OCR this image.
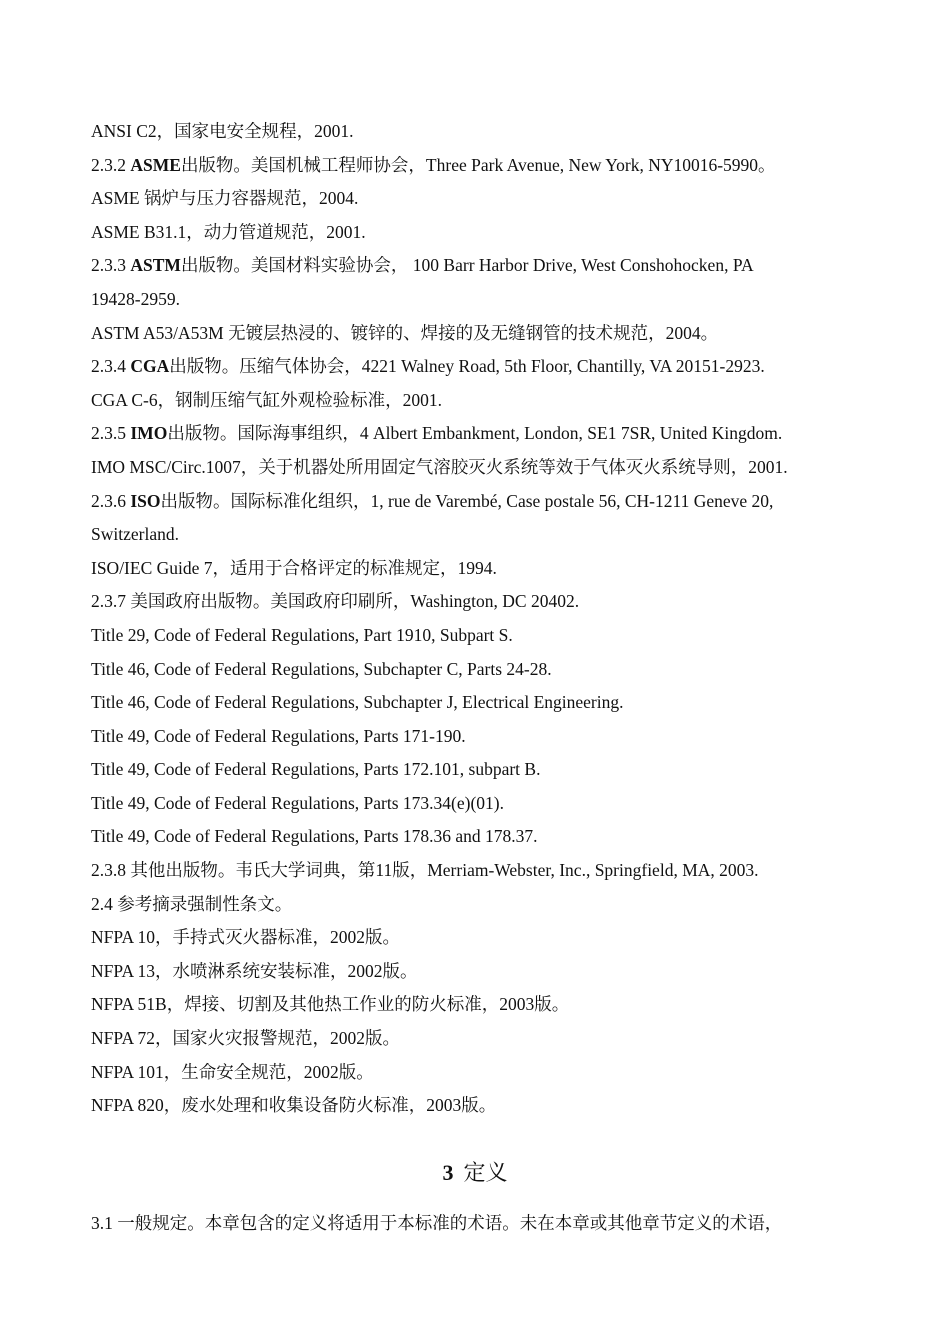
ANSI C2，国家电安全规程，2001.
2.3.2 ASME出版物。美国机械工程师协会，Three Park Avenue, New York, NY10016-5990。
ASME 锅炉与压力容器规范，2004.
ASME B31.1，动力管道规范，2001.
2.3.3 ASTM出版物。美国材料实验协会， 100 Barr Harbor Drive, West Conshohocken, PA
19428-2959.
ASTM A53/A53M 无镀层热浸的、镀锌的、焊接的及无缝钢管的技术规范，2004。
2.3.4 CGA出版物。压缩气体协会，4221 Walney Road, 5th Floor, Chantilly, VA 20151-2923.
CGA C-6，钢制压缩气缸外观检验标准，2001.
2.3.5 IMO出版物。国际海事组织，4 Albert Embankment, London, SE1 7SR, United Kingdom.
IMO MSC/Circ.1007，关于机器处所用固定气溶胶灭火系统等效于气体灭火系统导则，2001.
2.3.6 ISO出版物。国际标准化组织，1, rue de Varembé, Case postale 56, CH-1211 Geneve 20,
Switzerland.
ISO/IEC Guide 7，适用于合格评定的标准规定，1994.
2.3.7 美国政府出版物。美国政府印刷所，Washington, DC 20402.
Title 29, Code of Federal Regulations, Part 1910, Subpart S.
Title 46, Code of Federal Regulations, Subchapter C, Parts 24-28.
Title 46, Code of Federal Regulations, Subchapter J, Electrical Engineering.
Title 49, Code of Federal Regulations, Parts 171-190.
Title 49, Code of Federal Regulations, Parts 172.101, subpart B.
Title 49, Code of Federal Regulations, Parts 173.34(e)(01).
Title 49, Code of Federal Regulations, Parts 178.36 and 178.37.
2.3.8 其他出版物。韦氏大学词典，第11版，Merriam-Webster, Inc., Springfield, MA, 2003.
2.4 参考摘录强制性条文。
NFPA 10，手持式灭火器标准，2002版。
NFPA 13，水喷淋系统安装标准，2002版。
NFPA 51B，焊接、切割及其他热工作业的防火标准，2003版。
NFPA 72，国家火灾报警规范，2002版。
NFPA 101，生命安全规范，2002版。
NFPA 820，废水处理和收集设备防火标准，2003版。
3 定义
3.1 一般规定。本章包含的定义将适用于本标准的术语。未在本章或其他章节定义的术语，
